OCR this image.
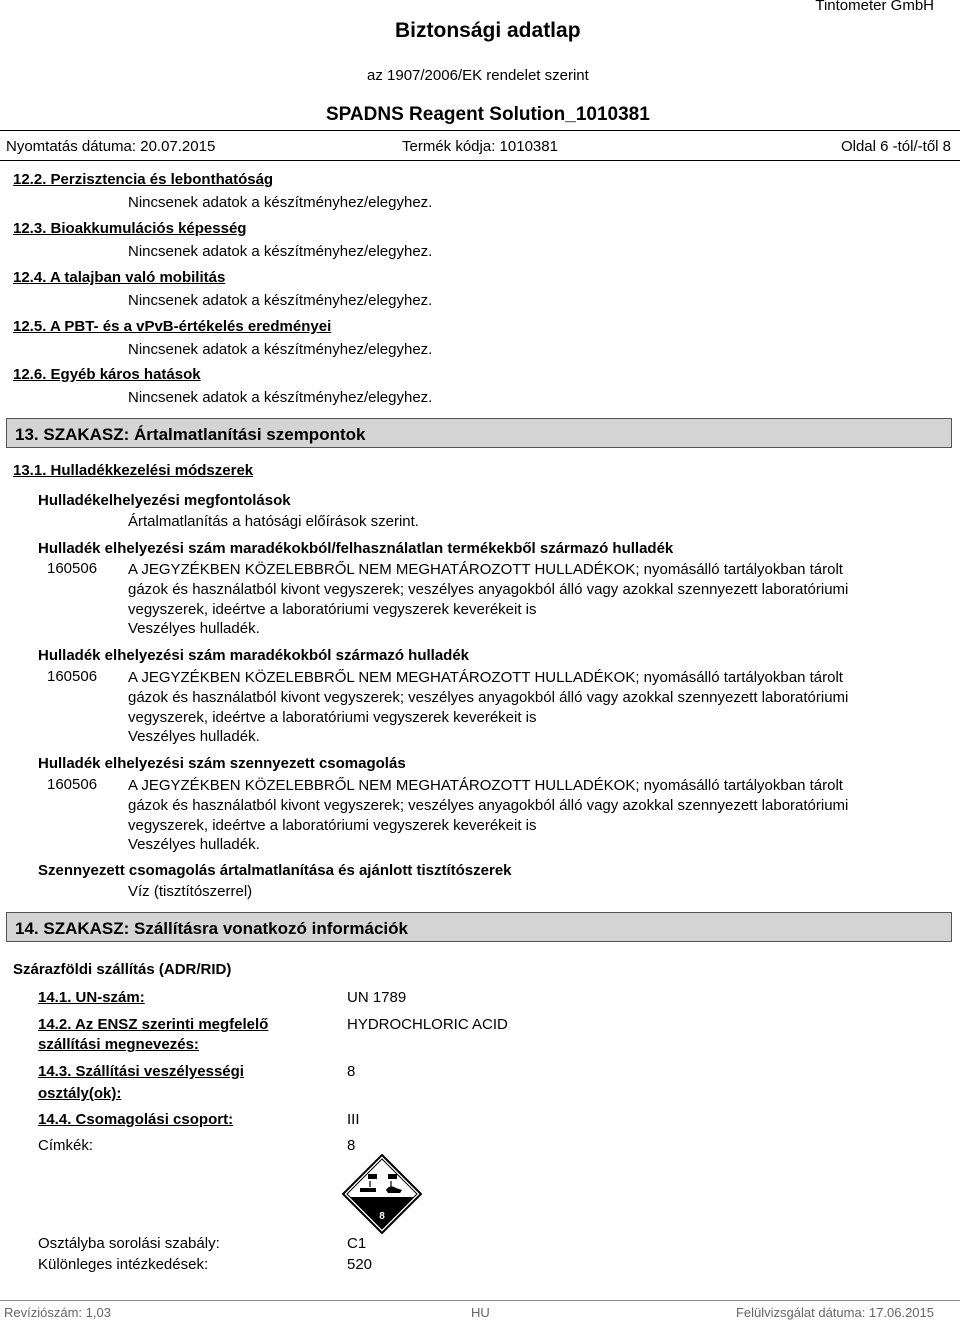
Tintometer GmbH
Biztonsági adatlap
az 1907/2006/EK rendelet szerint
SPADNS Reagent Solution_1010381
Nyomtatás dátuma: 20.07.2015	Termék kódja: 1010381	Oldal 6 -tól/-től 8
12.2. Perzisztencia és lebonthatóság
Nincsenek adatok a készítményhez/elegyhez.
12.3. Bioakkumulációs képesség
Nincsenek adatok a készítményhez/elegyhez.
12.4. A talajban való mobilitás
Nincsenek adatok a készítményhez/elegyhez.
12.5. A PBT- és a vPvB-értékelés eredményei
Nincsenek adatok a készítményhez/elegyhez.
12.6. Egyéb káros hatások
Nincsenek adatok a készítményhez/elegyhez.
13. SZAKASZ: Ártalmatlanítási szempontok
13.1. Hulladékkezelési módszerek
Hulladékelhelyezési megfontolások
Ártalmatlanítás a hatósági előírások szerint.
Hulladék elhelyezési szám maradékokból/felhasználatlan termékekből származó hulladék
160506 A JEGYZÉKBEN KÖZELEBBRŐL NEM MEGHATÁROZOTT HULLADÉKOK; nyomásálló tartályokban tárolt gázok és használatból kivont vegyszerek; veszélyes anyagokból álló vagy azokkal szennyezett laboratóriumi vegyszerek, ideértve a laboratóriumi vegyszerek keverékeit is
Veszélyes hulladék.
Hulladék elhelyezési szám maradékokból származó hulladék
160506 A JEGYZÉKBEN KÖZELEBBRŐL NEM MEGHATÁROZOTT HULLADÉKOK; nyomásálló tartályokban tárolt gázok és használatból kivont vegyszerek; veszélyes anyagokból álló vagy azokkal szennyezett laboratóriumi vegyszerek, ideértve a laboratóriumi vegyszerek keverékeit is
Veszélyes hulladék.
Hulladék elhelyezési szám szennyezett csomagolás
160506 A JEGYZÉKBEN KÖZELEBBRŐL NEM MEGHATÁROZOTT HULLADÉKOK; nyomásálló tartályokban tárolt gázok és használatból kivont vegyszerek; veszélyes anyagokból álló vagy azokkal szennyezett laboratóriumi vegyszerek, ideértve a laboratóriumi vegyszerek keverékeit is
Veszélyes hulladék.
Szennyezett csomagolás ártalmatlanítása és ajánlott tisztítószerek
Víz (tisztítószerrel)
14. SZAKASZ: Szállításra vonatkozó információk
Szárazföldi szállítás (ADR/RID)
14.1. UN-szám:	UN 1789
14.2. Az ENSZ szerinti megfelelő
szállítási megnevezés:
HYDROCHLORIC ACID
14.3. Szállítási veszélyességi
osztály(ok):
8
14.4. Csomagolási csoport:	III
Címkék:	8
8
Osztályba sorolási szabály:	C1
Különleges intézkedések:	520
Revíziószám: 1,03	HU	Felülvizsgálat dátuma: 17.06.2015
